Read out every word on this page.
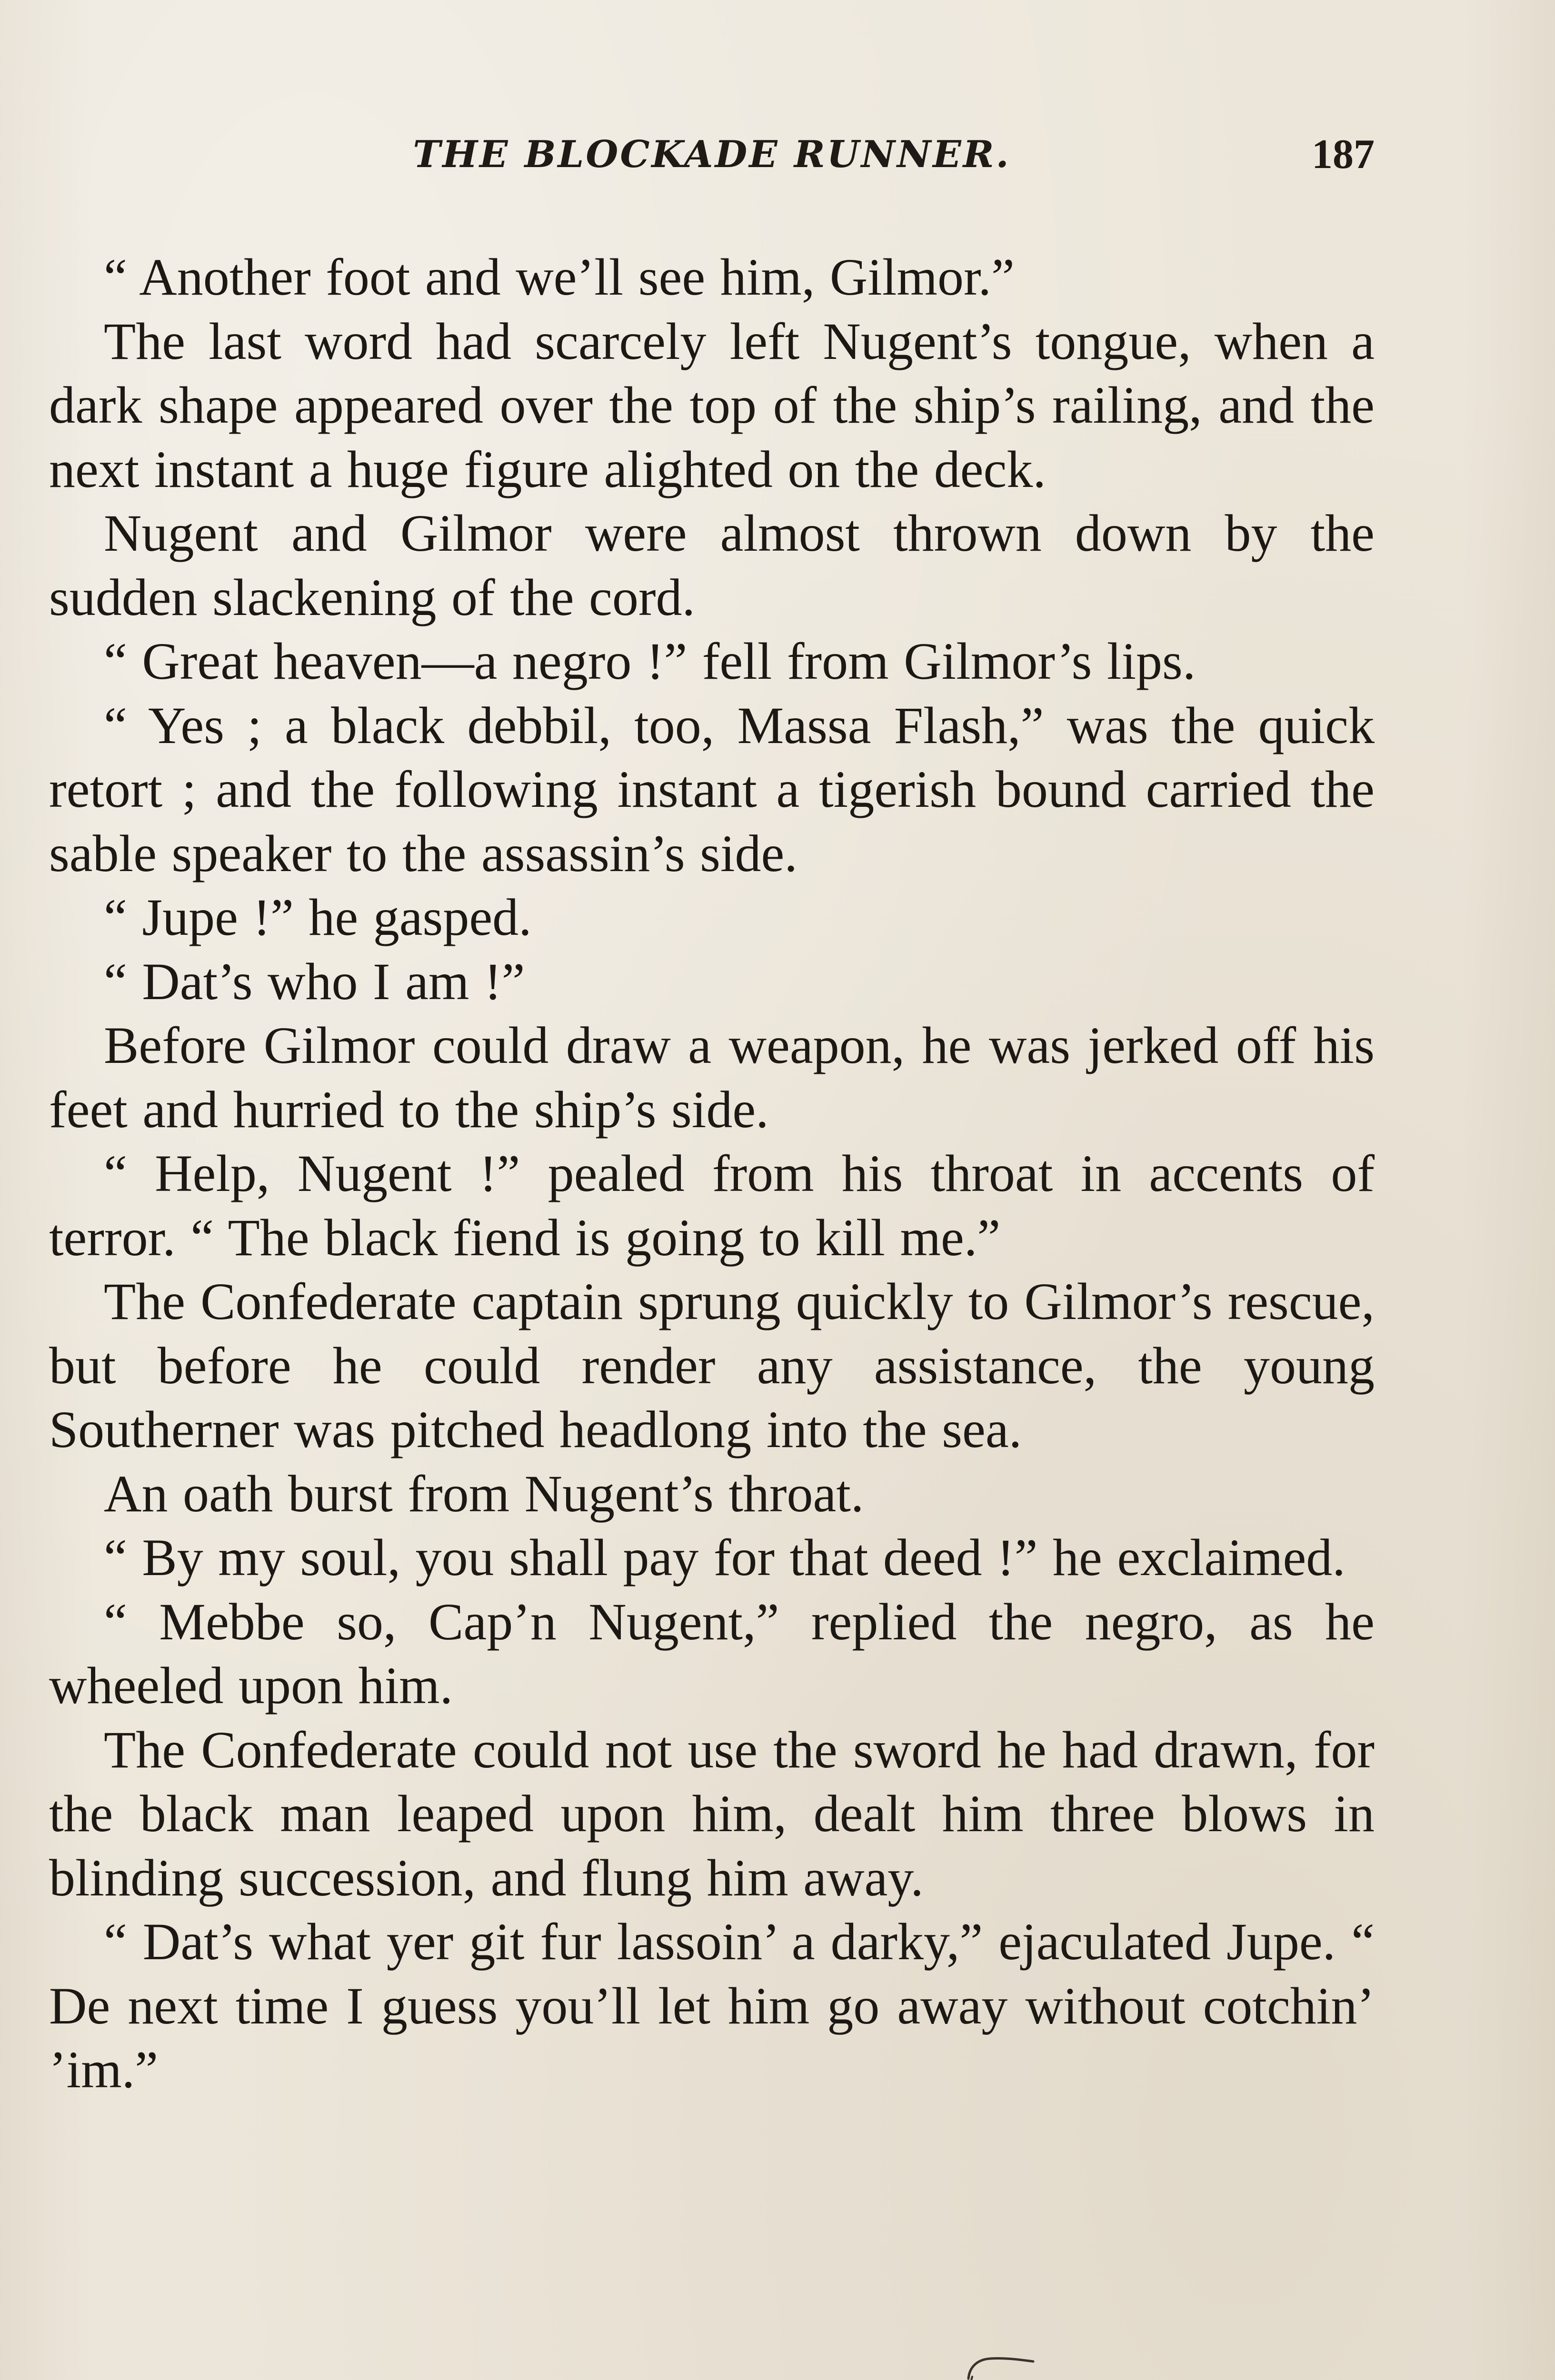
THE BLOCKADE RUNNER.	187

“ Another foot and we’ll see him, Gilmor.”

The last word had scarcely left Nugent’s tongue, when a dark shape appeared over the top of the ship’s railing, and the next instant a huge figure alighted on the deck.

Nugent and Gilmor were almost thrown down by the sudden slackening of the cord.

“ Great heaven—a negro !” fell from Gilmor’s lips.

“ Yes ; a black debbil, too, Massa Flash,” was the quick retort ; and the following instant a tigerish bound carried the sable speaker to the assassin’s side.

“ Jupe !” he gasped.

“ Dat’s who I am !”

Before Gilmor could draw a weapon, he was jerked off his feet and hurried to the ship’s side.

“ Help, Nugent !” pealed from his throat in accents of terror. “ The black fiend is going to kill me.”

The Confederate captain sprung quickly to Gilmor’s rescue, but before he could render any assistance, the young Southerner was pitched headlong into the sea.

An oath burst from Nugent’s throat.

“ By my soul, you shall pay for that deed !” he exclaimed.

“ Mebbe so, Cap’n Nugent,” replied the negro, as he wheeled upon him.

The Confederate could not use the sword he had drawn, for the black man leaped upon him, dealt him three blows in blinding succession, and flung him away.

“ Dat’s what yer git fur lassoin’ a darky,” ejaculated Jupe. “ De next time I guess you’ll let him go away without cotchin’ ’im.”
